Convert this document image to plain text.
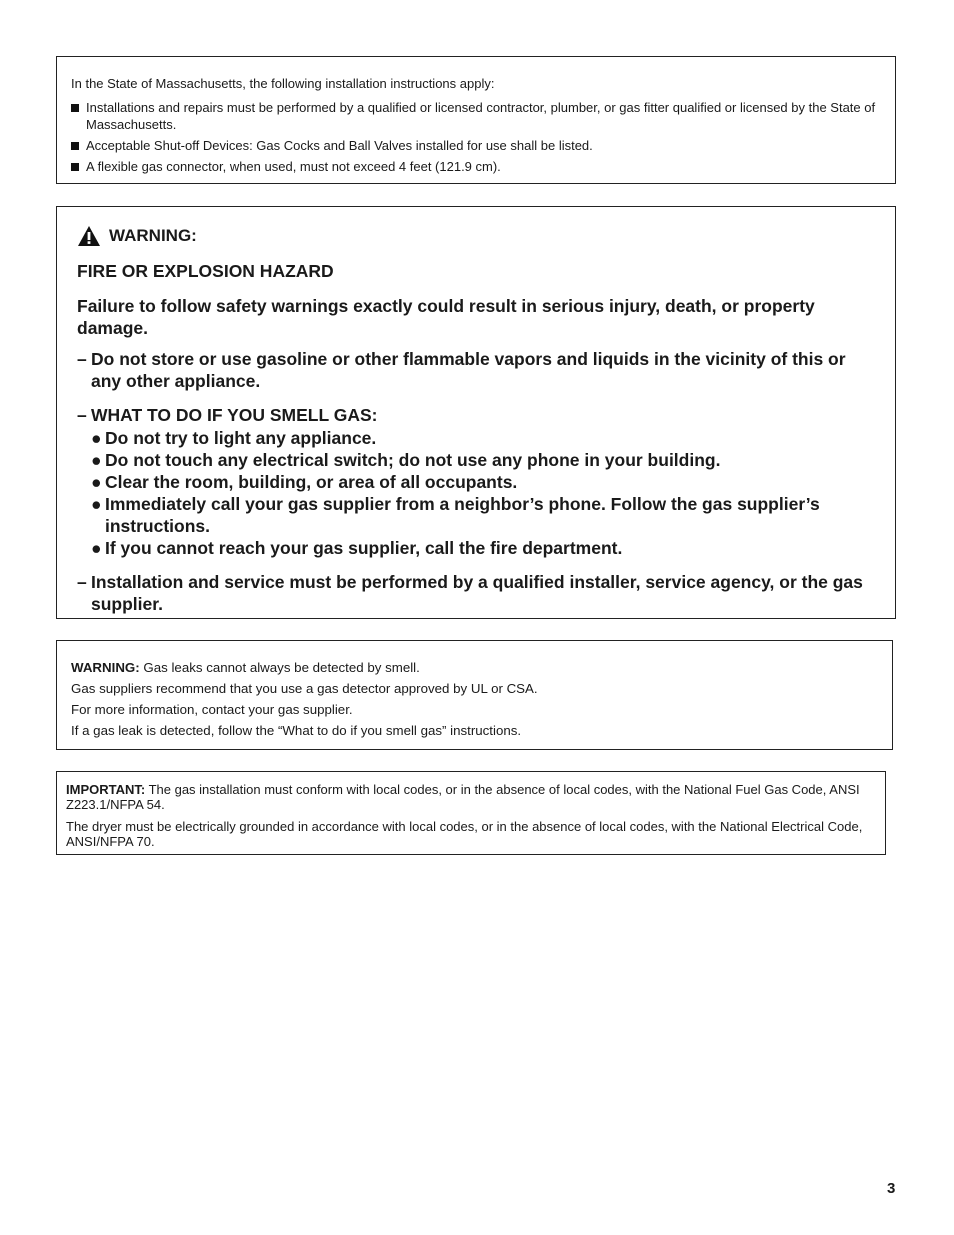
In the State of Massachusetts, the following installation instructions apply:

Installations and repairs must be performed by a qualified or licensed contractor, plumber, or gas fitter qualified or licensed by the State of Massachusetts.
Acceptable Shut-off Devices: Gas Cocks and Ball Valves installed for use shall be listed.
A flexible gas connector, when used, must not exceed 4 feet (121.9 cm).
WARNING:

FIRE OR EXPLOSION HAZARD

Failure to follow safety warnings exactly could result in serious injury, death, or property damage.

– Do not store or use gasoline or other flammable vapors and liquids in the vicinity of this or any other appliance.
– WHAT TO DO IF YOU SMELL GAS:

● Do not try to light any appliance.

● Do not touch any electrical switch; do not use any phone in your building.

● Clear the room, building, or area of all occupants.

● Immediately call your gas supplier from a neighbor’s phone. Follow the gas supplier’s instructions.

● If you cannot reach your gas supplier, call the fire department.

– Installation and service must be performed by a qualified installer, service agency, or the gas supplier.
WARNING: Gas leaks cannot always be detected by smell.
Gas suppliers recommend that you use a gas detector approved by UL or CSA.
For more information, contact your gas supplier.
If a gas leak is detected, follow the “What to do if you smell gas” instructions.

IMPORTANT: The gas installation must conform with local codes, or in the absence of local codes, with the National Fuel Gas Code, ANSI Z223.1/NFPA 54.

The dryer must be electrically grounded in accordance with local codes, or in the absence of local codes, with the National Electrical Code, ANSI/NFPA 70.

3
